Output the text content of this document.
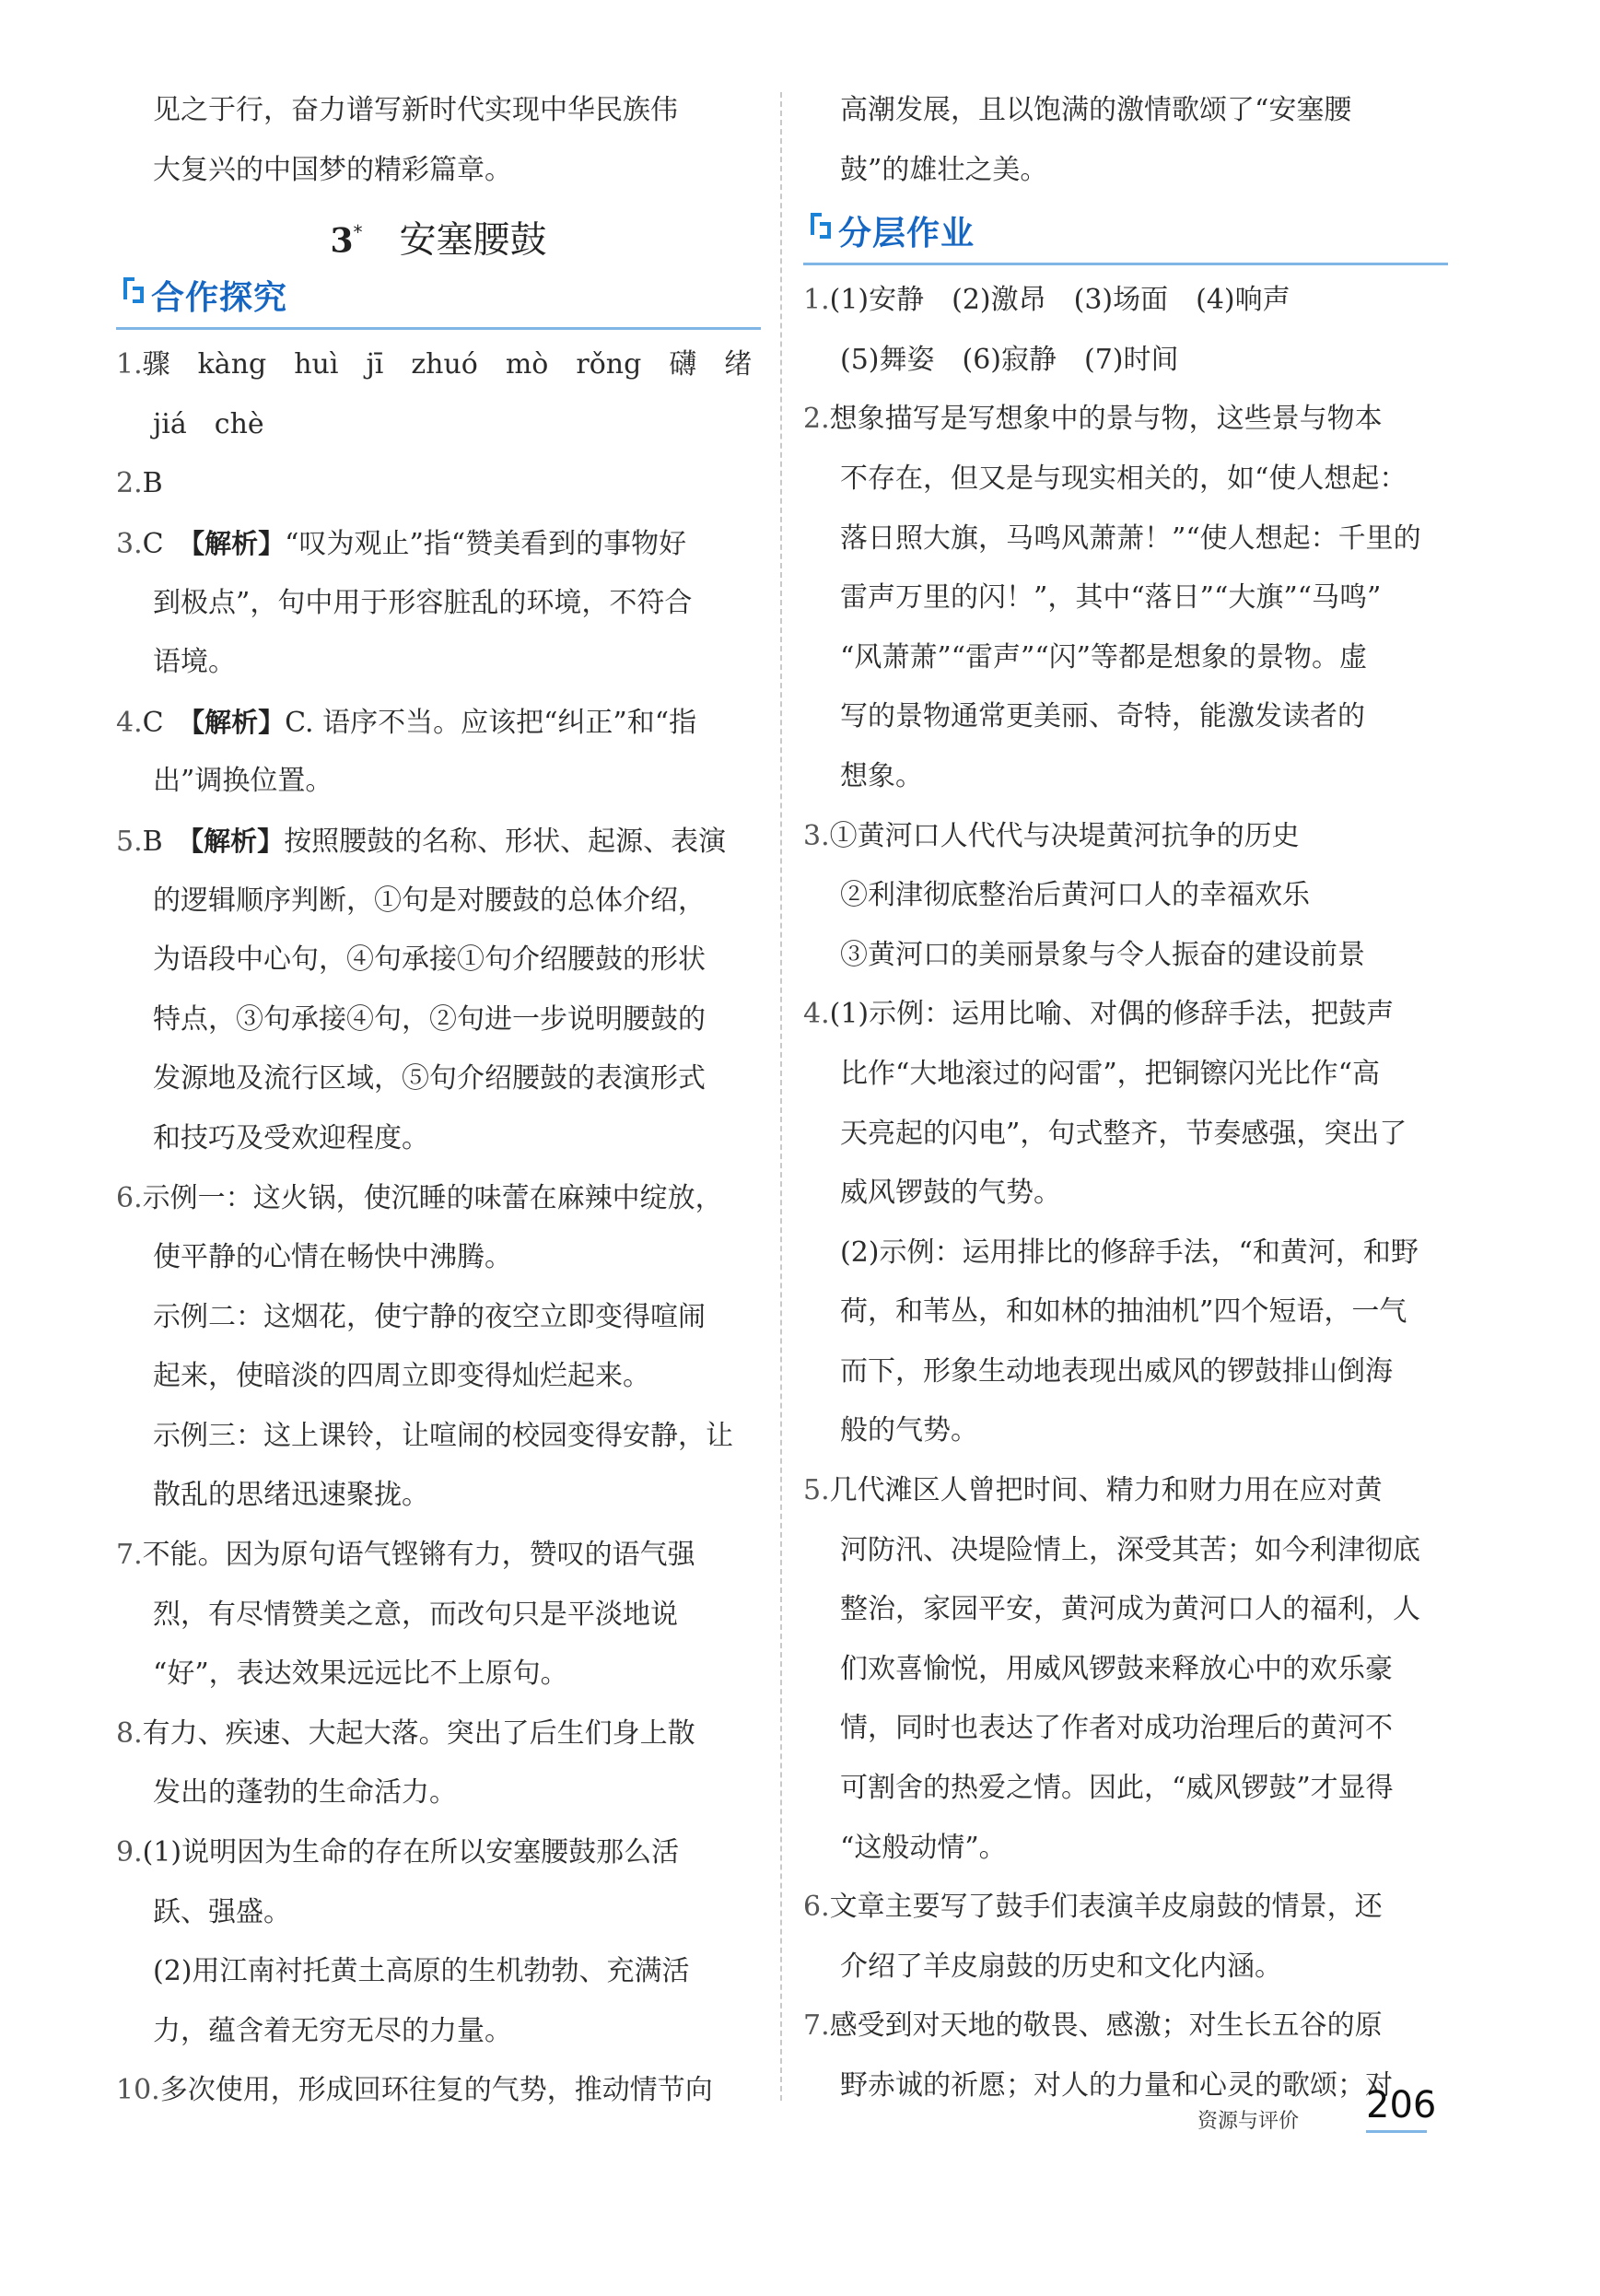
见之于行，奋力谱写新时代实现中华民族伟
大复兴的中国梦的精彩篇章。
3* 安塞腰鼓
合作探究
1.骤　kàng　huì　jī　zhuó　mò　rǒng　礴　绪
jiá　chè
2.B
3.C　【解析】“叹为观止”指“赞美看到的事物好
到极点”，句中用于形容脏乱的环境，不符合
语境。
4.C　【解析】C. 语序不当。应该把“纠正”和“指
出”调换位置。
5.B　【解析】按照腰鼓的名称、形状、起源、表演
的逻辑顺序判断，①句是对腰鼓的总体介绍，
为语段中心句，④句承接①句介绍腰鼓的形状
特点，③句承接④句，②句进一步说明腰鼓的
发源地及流行区域，⑤句介绍腰鼓的表演形式
和技巧及受欢迎程度。
6.示例一：这火锅，使沉睡的味蕾在麻辣中绽放，
使平静的心情在畅快中沸腾。
示例二：这烟花，使宁静的夜空立即变得喧闹
起来，使暗淡的四周立即变得灿烂起来。
示例三：这上课铃，让喧闹的校园变得安静，让
散乱的思绪迅速聚拢。
7.不能。因为原句语气铿锵有力，赞叹的语气强
烈，有尽情赞美之意，而改句只是平淡地说
“好”，表达效果远远比不上原句。
8.有力、疾速、大起大落。突出了后生们身上散
发出的蓬勃的生命活力。
9.(1)说明因为生命的存在所以安塞腰鼓那么活
跃、强盛。
(2)用江南衬托黄土高原的生机勃勃、充满活
力，蕴含着无穷无尽的力量。
10.多次使用，形成回环往复的气势，推动情节向
高潮发展，且以饱满的激情歌颂了“安塞腰
鼓”的雄壮之美。
分层作业
1.(1)安静　(2)激昂　(3)场面　(4)响声
(5)舞姿　(6)寂静　(7)时间
2.想象描写是写想象中的景与物，这些景与物本
不存在，但又是与现实相关的，如“使人想起：
落日照大旗，马鸣风萧萧！”“使人想起：千里的
雷声万里的闪！”，其中“落日”“大旗”“马鸣”
“风萧萧”“雷声”“闪”等都是想象的景物。虚
写的景物通常更美丽、奇特，能激发读者的
想象。
3.①黄河口人代代与决堤黄河抗争的历史
②利津彻底整治后黄河口人的幸福欢乐
③黄河口的美丽景象与令人振奋的建设前景
4.(1)示例：运用比喻、对偶的修辞手法，把鼓声
比作“大地滚过的闷雷”，把铜镲闪光比作“高
天亮起的闪电”，句式整齐，节奏感强，突出了
威风锣鼓的气势。
(2)示例：运用排比的修辞手法，“和黄河，和野
荷，和苇丛，和如林的抽油机”四个短语，一气
而下，形象生动地表现出威风的锣鼓排山倒海
般的气势。
5.几代滩区人曾把时间、精力和财力用在应对黄
河防汛、决堤险情上，深受其苦；如今利津彻底
整治，家园平安，黄河成为黄河口人的福利，人
们欢喜愉悦，用威风锣鼓来释放心中的欢乐豪
情，同时也表达了作者对成功治理后的黄河不
可割舍的热爱之情。因此，“威风锣鼓”才显得
“这般动情”。
6.文章主要写了鼓手们表演羊皮扇鼓的情景，还
介绍了羊皮扇鼓的历史和文化内涵。
7.感受到对天地的敬畏、感激；对生长五谷的原
野赤诚的祈愿；对人的力量和心灵的歌颂；对
资源与评价 206
